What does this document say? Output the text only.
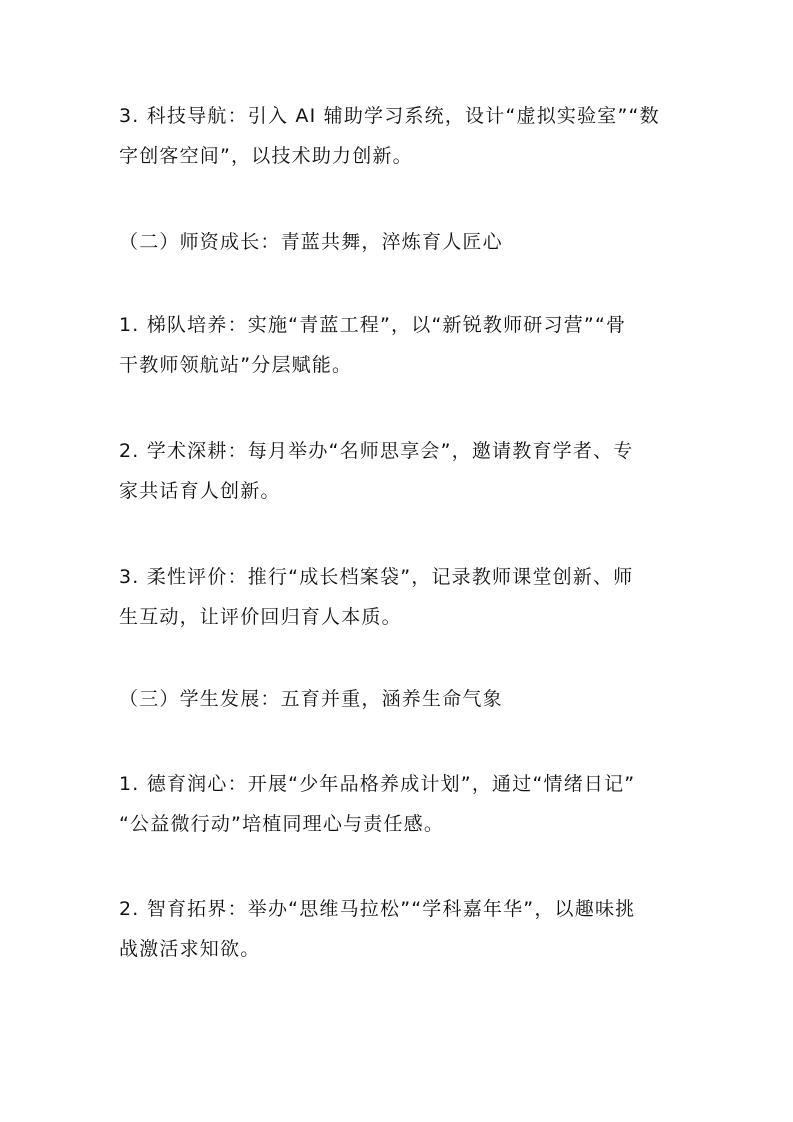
3. 科技导航：引入 AI 辅助学习系统，设计“虚拟实验室”“数
字创客空间”，以技术助力创新。

（二）师资成长：青蓝共舞，淬炼育人匠心

1. 梯队培养：实施“青蓝工程”，以“新锐教师研习营”“骨
干教师领航站”分层赋能。

2. 学术深耕：每月举办“名师思享会”，邀请教育学者、专
家共话育人创新。

3. 柔性评价：推行“成长档案袋”，记录教师课堂创新、师
生互动，让评价回归育人本质。

（三）学生发展：五育并重，涵养生命气象

1. 德育润心：开展“少年品格养成计划”，通过“情绪日记”
“公益微行动”培植同理心与责任感。

2. 智育拓界：举办“思维马拉松”“学科嘉年华”，以趣味挑
战激活求知欲。
